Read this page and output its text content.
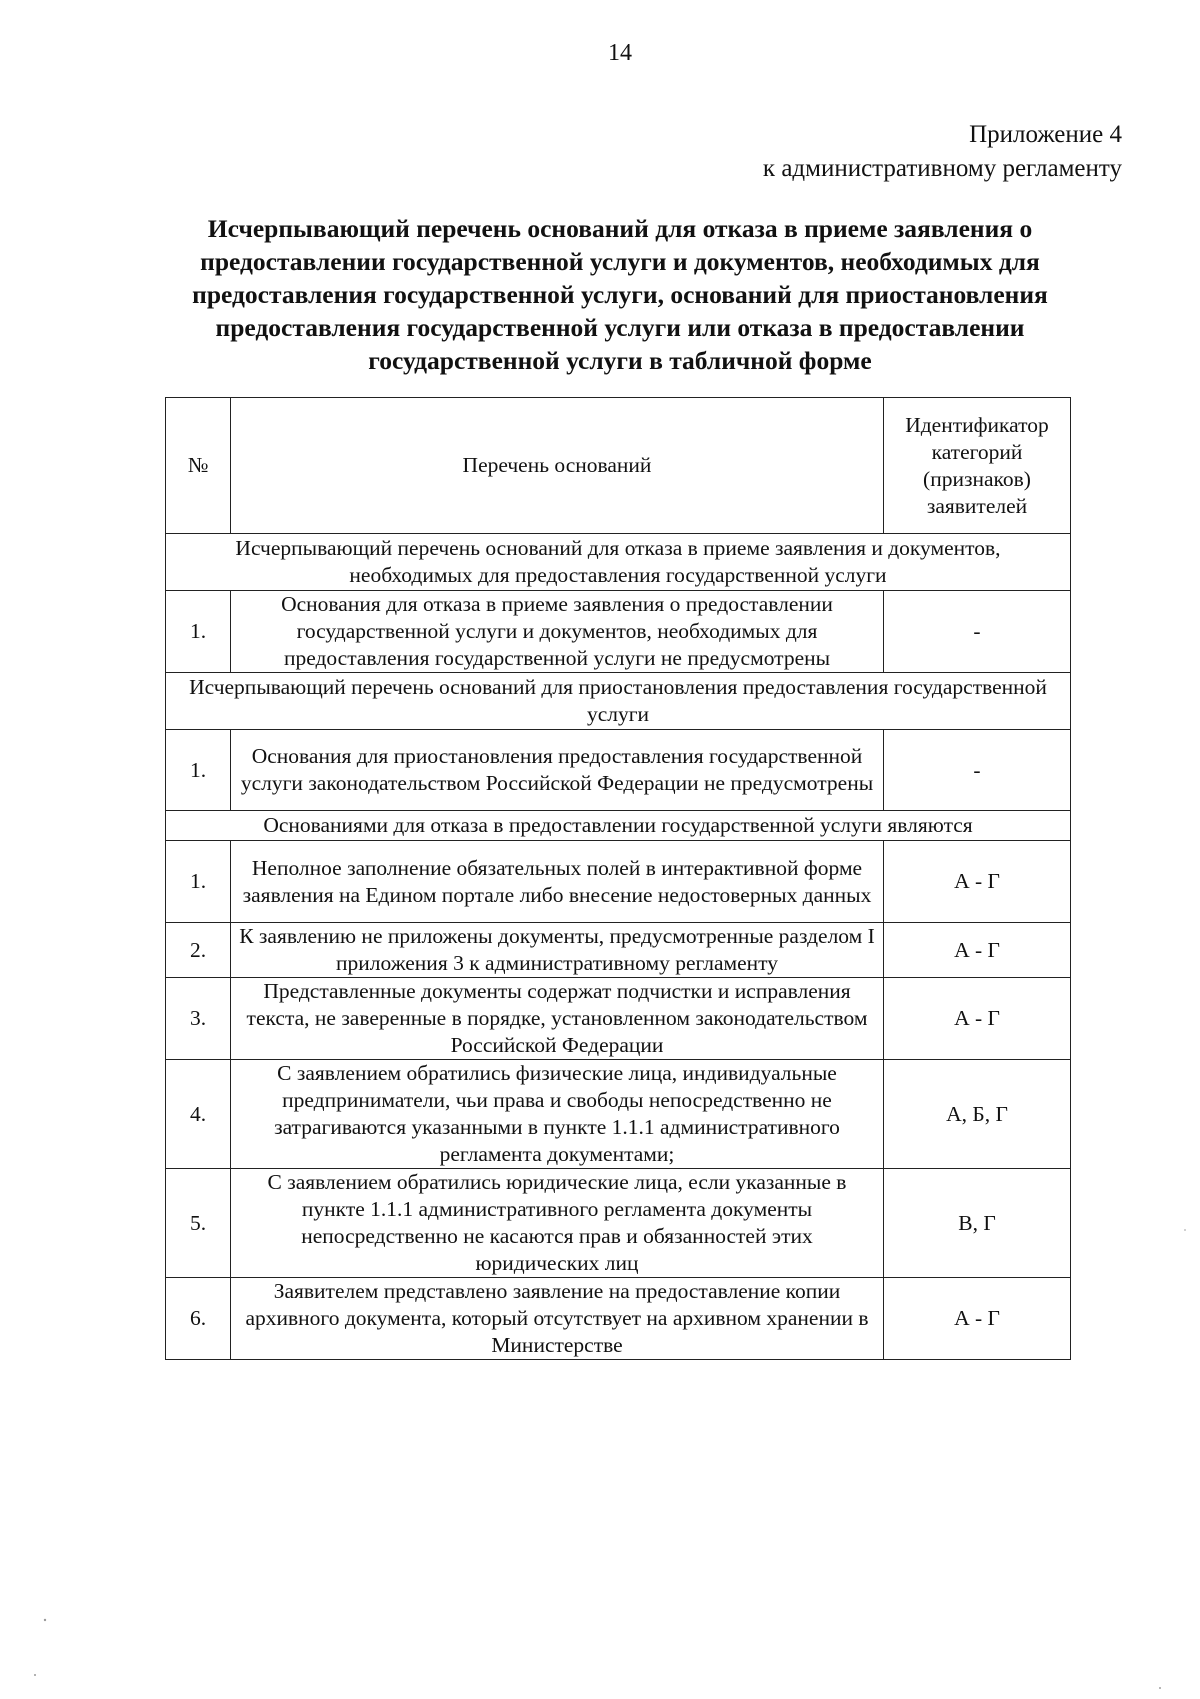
14
Приложение 4
к административному регламенту
Исчерпывающий перечень оснований для отказа в приеме заявления о предоставлении государственной услуги и документов, необходимых для предоставления государственной услуги, оснований для приостановления предоставления государственной услуги или отказа в предоставлении государственной услуги в табличной форме
№	Перечень оснований	Идентификатор категорий (признаков) заявителей
Исчерпывающий перечень оснований для отказа в приеме заявления и документов, необходимых для предоставления государственной услуги		
1.	Основания для отказа в приеме заявления о предоставлении государственной услуги и документов, необходимых для предоставления государственной услуги не предусмотрены	-
Исчерпывающий перечень оснований для приостановления предоставления государственной услуги		
1.	Основания для приостановления предоставления государственной услуги законодательством Российской Федерации не предусмотрены	-
Основаниями для отказа в предоставлении государственной услуги являются		
1.	Неполное заполнение обязательных полей в интерактивной форме заявления на Едином портале либо внесение недостоверных данных	А - Г
2.	К заявлению не приложены документы, предусмотренные разделом I приложения 3 к административному регламенту	А - Г
3.	Представленные документы содержат подчистки и исправления текста, не заверенные в порядке, установленном законодательством Российской Федерации	А - Г
4.	С заявлением обратились физические лица, индивидуальные предприниматели, чьи права и свободы непосредственно не затрагиваются указанными в пункте 1.1.1 административного регламента документами;	А, Б, Г
5.	С заявлением обратились юридические лица, если указанные в пункте 1.1.1 административного регламента документы непосредственно не касаются прав и обязанностей этих юридических лиц	В, Г
6.	Заявителем представлено заявление на предоставление копии архивного документа, который отсутствует на архивном хранении в Министерстве	А - Г
